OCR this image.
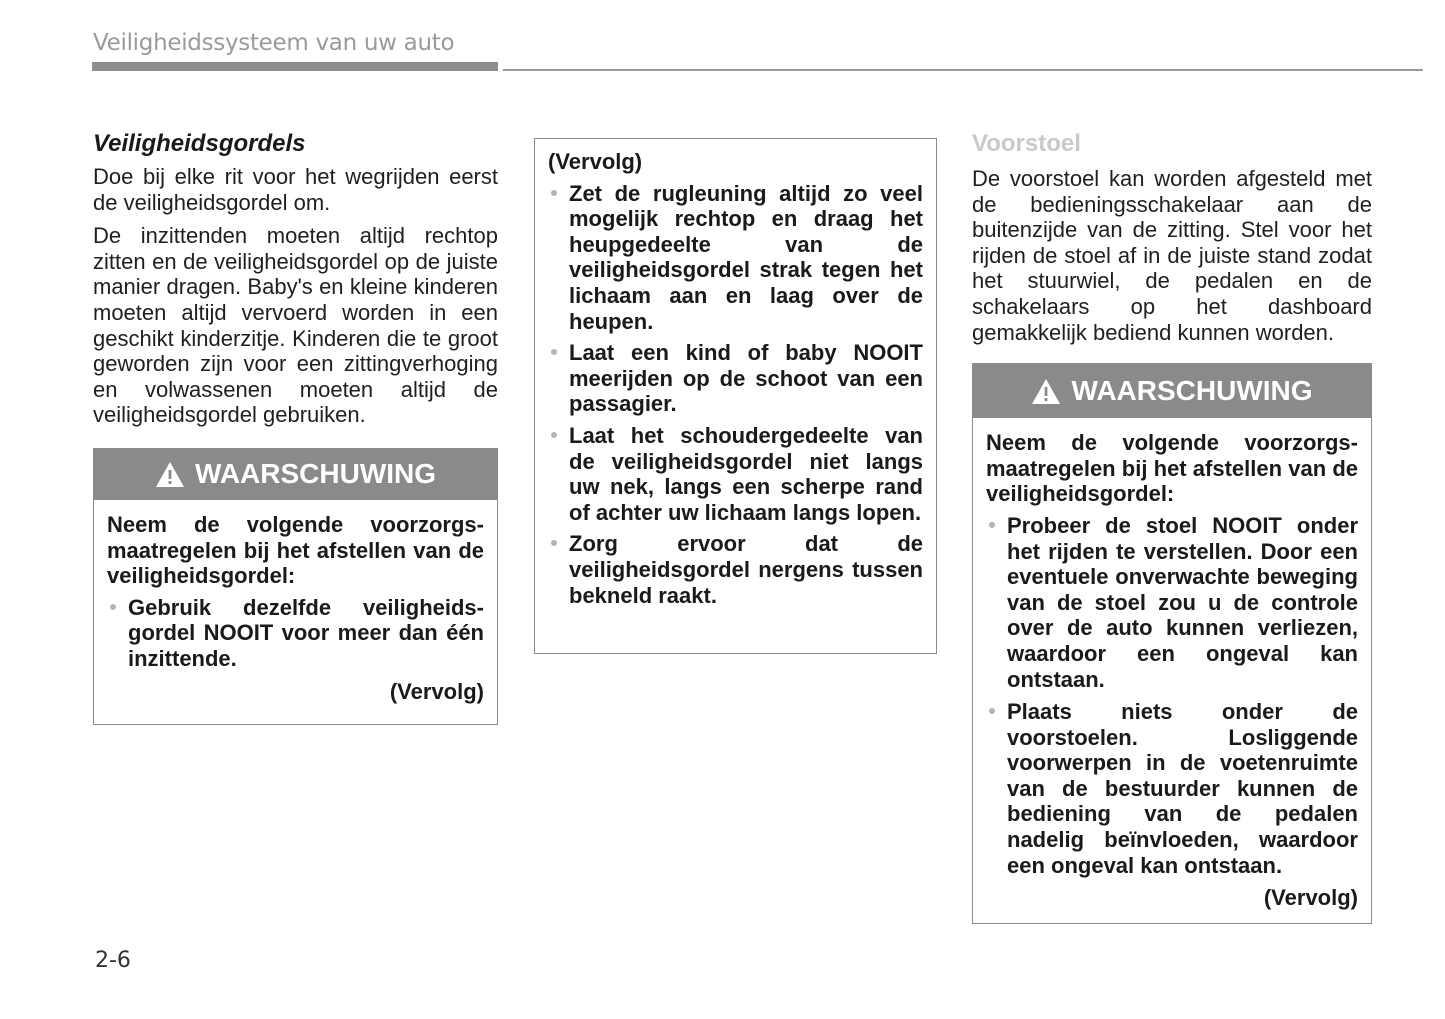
Veiligheidssysteem van uw auto
Veiligheidsgordels

Doe bij elke rit voor het wegrijden eerst de veiligheidsgordel om.

De inzittenden moeten altijd rechtop zitten en de veiligheidsgordel op de juiste manier dragen. Baby's en kleine kinderen moeten altijd vervoerd worden in een geschikt kinderzitje. Kinderen die te groot geworden zijn voor een zittingverhoging en volwassenen moeten altijd de veiligheidsgordel gebruiken.

WAARSCHUWING

Neem de volgende voorzorgs-maatregelen bij het afstellen van de veiligheidsgordel:

Gebruik dezelfde veiligheids-gordel NOOIT voor meer dan één inzittende.
(Vervolg)
(Vervolg)
Zet de rugleuning altijd zo veel mogelijk rechtop en draag het heupgedeelte van de veiligheidsgordel strak tegen het lichaam aan en laag over de heupen.
Laat een kind of baby NOOIT meerijden op de schoot van een passagier.
Laat het schoudergedeelte van de veiligheidsgordel niet langs uw nek, langs een scherpe rand of achter uw lichaam langs lopen.
Zorg ervoor dat de veiligheidsgordel nergens tussen bekneld raakt.
Voorstoel

De voorstoel kan worden afgesteld met de bedieningsschakelaar aan de buitenzijde van de zitting. Stel voor het rijden de stoel af in de juiste stand zodat het stuurwiel, de pedalen en de schakelaars op het dashboard gemakkelijk bediend kunnen worden.

WAARSCHUWING

Neem de volgende voorzorgs-maatregelen bij het afstellen van de veiligheidsgordel:

Probeer de stoel NOOIT onder het rijden te verstellen. Door een eventuele onverwachte beweging van de stoel zou u de controle over de auto kunnen verliezen, waardoor een ongeval kan ontstaan.
Plaats niets onder de voorstoelen. Losliggende voorwerpen in de voetenruimte van de bestuurder kunnen de bediening van de pedalen nadelig beïnvloeden, waardoor een ongeval kan ontstaan.
(Vervolg)
2-6
